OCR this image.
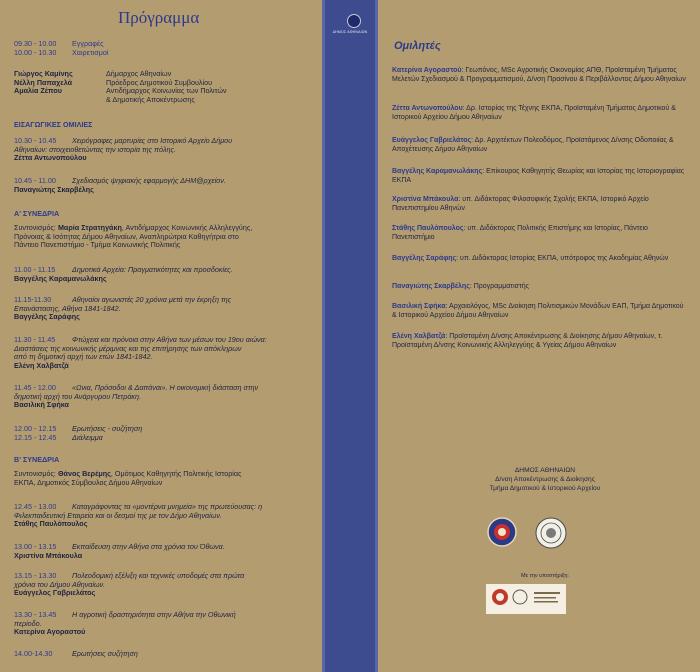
ΔΗΜΟΣ ΑΘΗΝΑΙΩΝ
Πρόγραμμα
09.30 - 10.00	Εγγραφές
10.00 - 10.30	Χαιρετισμοί
Γιώργος Καμίνης	Δήμαρχος Αθηναίων
Νέλλη Παπαχελά	Πρόεδρος Δημοτικού Συμβουλίου
Αμαλία Ζέπου	Αντιδήμαρχος Κοινωνίας των Πολιτών
& Δημοτικής Αποκέντρωσης
ΕΙΣΑΓΩΓΙΚΕΣ ΟΜΙΛΙΕΣ
10.30 - 10.45	Χειρόγραφες μαρτυρίες στο Ιστορικό Αρχείο Δήμου
Αθηναίων: στοιχειοθετώντας την ιστορία της πόλης.
Ζέττα Αντωνοπούλου
10.45 - 11.00	Σχεδιασμός ψηφιακής εφαρμογής ΔΗΜ@ρχείον.
Παναγιώτης Σκαρβέλης
Α' ΣΥΝΕΔΡΙΑ
Συντονισμός: Μαρία Στρατηγάκη, Αντιδήμαρχος Κοινωνικής Αλληλεγγύης,
Πρόνοιας & Ισότητας Δήμου Αθηναίων, Αναπληρώτρια Καθηγήτρια στο
Πάντειο Πανεπιστήμιο - Τμήμα Κοινωνικής Πολιτικής
11.00 - 11.15	Δημοτικά Αρχεία: Πραγματικότητες και προσδοκίες.
Βαγγέλης Καραμανωλάκης
11.15-11.30	Αθηναίοι αγωνιστές 20 χρόνια μετά την έκρηξη της
Επανάστασης, Αθήνα 1841-1842.
Βαγγέλης Σαράφης
11.30 - 11.45	Φτώχεια και πρόνοια στην Αθήνα των μέσων του 19ου αιώνα:
Διαστάσεις της κοινωνικής μέριμνας και της επιτήρησης των απόκληρων
από τη δημοτική αρχή των ετών 1841-1842.
Ελένη Χαλβατζά
11.45 - 12.00	«Ωνια, Πρόσοδοι & Δαπάναι». Η οικονομική διάσταση στην
δημοτική αρχή του Ανάργυρου Πετράκη.
Βασιλική Σφήκα
12.00 - 12.15	Ερωτήσεις - συζήτηση
12.15 - 12.45	Διάλειμμα
Β' ΣΥΝΕΔΡΙΑ
Συντονισμός: Θάνος Βερέμης, Ομότιμος Καθηγητής Πολιτικής Ιστορίας
ΕΚΠΑ, Δημοτικός Σύμβουλος Δήμου Αθηναίων
12.45 - 13.00	Καταγράφοντας τα «μοντέρνα μνημεία» της πρωτεύουσας: η
Φιλεκπαιδευτική Εταιρεία και οι δεσμοί της με τον Δήμο Αθηναίων.
Στάθης Παυλόπουλος
13.00 - 13.15	Εκπαίδευση στην Αθήνα στα χρόνια του Όθωνα.
Χριστίνα Μπάκουλα
13.15 - 13.30	Πολεοδομική εξέλιξη και τεχνικές υποδομές στα πρώτα
χρόνια του Δήμου Αθηναίων.
Ευάγγελος Γαβριελάτος
13.30 - 13.45	Η αγροτική δραστηριότητα στην Αθήνα την Οθωνική
περίοδο.
Κατερίνα Αγοραστού
14.00-14.30	Ερωτήσεις συζήτηση
Ομιλητές
Κατερίνα Αγοραστού: Γεωπόνος, MSc Αγροτικής Οικονομίας ΑΠΘ, Προϊσταμένη Τμήματος Μελετών Σχεδιασμού & Προγραμματισμού, Δ/νση Πρασίνου & Περιβάλλοντος Δήμου Αθηναίων
Ζέττα Αντωνοπούλου: Δρ. Ιστορίας της Τέχνης ΕΚΠΑ, Προϊσταμένη Τμήματος Δημοτικού & Ιστορικού Αρχείου Δήμου Αθηναίων
Ευάγγελος Γαβριελάτος: Δρ. Αρχιτέκτων Πολεοδόμος, Προϊστάμενος Δ/νσης Οδοποιίας & Αποχέτευσης Δήμου Αθηναίων
Βαγγέλης Καραμανωλάκης: Επίκουρος Καθηγητής Θεωρίας και Ιστορίας της Ιστοριογραφίας ΕΚΠΑ
Χριστίνα Μπάκουλα: υπ. Διδάκτορας Φιλοσοφικής Σχολής ΕΚΠΑ, Ιστορικό Αρχείο Πανεπιστημίου Αθηνών
Στάθης Παυλόπουλος: υπ. Διδάκτορας Πολιτικής Επιστήμης και Ιστορίας, Πάντειο Πανεπιστήμιο
Βαγγέλης Σαράφης: υπ. Διδάκτορας Ιστορίας ΕΚΠΑ, υπότροφος της Ακαδημίας Αθηνών
Παναγιώτης Σκαρβέλης: Προγραμματιστής
Βασιλική Σφήκα: Αρχαιολόγος, MSc Διοίκηση Πολιτισμικών Μονάδων ΕΑΠ, Τμήμα Δημοτικού & Ιστορικού Αρχείου Δήμου Αθηναίων
Ελένη Χαλβατζά: Προϊσταμένη Δ/νσης Αποκέντρωσης & Διοίκησης Δήμου Αθηναίων, τ. Προϊσταμένη Δ/νσης Κοινωνικής Αλληλεγγύης & Υγείας Δήμου Αθηναίων
ΔΗΜΟΣ ΑΘΗΝΑΙΩΝ
Δ/νση Αποκέντρωσης & Διοίκησης
Τμήμα Δημοτικού & Ιστορικού Αρχείου
Με την υποστήριξη:
